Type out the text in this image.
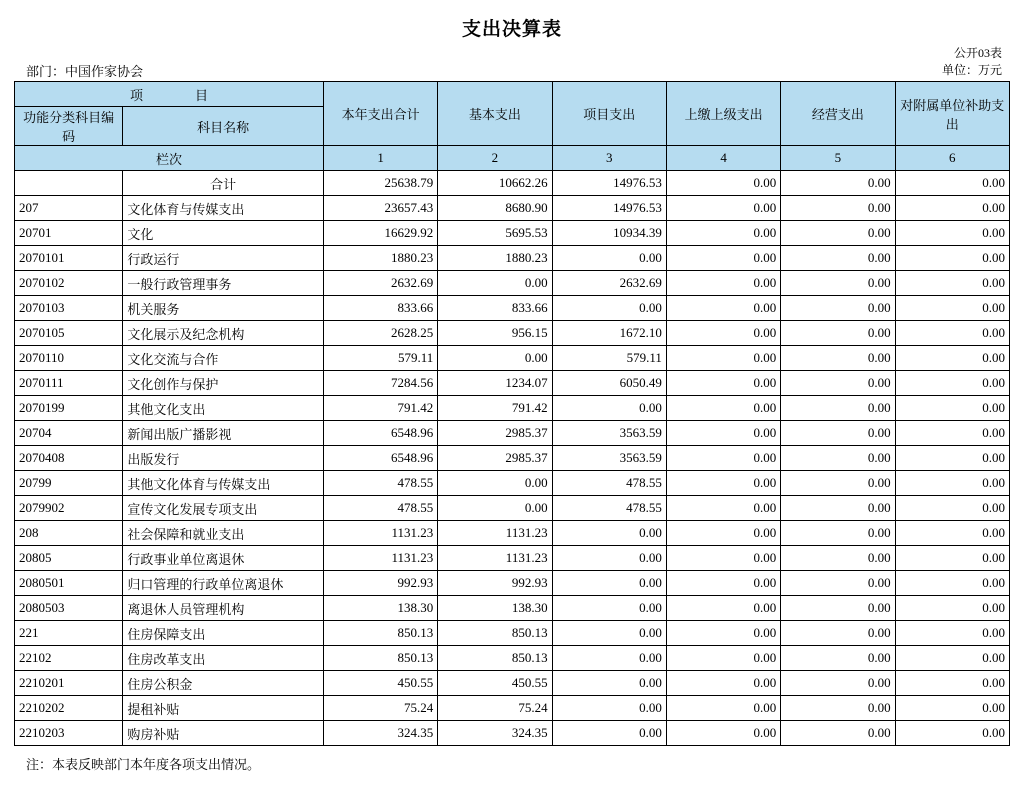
支出决算表
部门：中国作家协会
公开03表
单位：万元
项　　　　目		本年支出合计	基本支出	项目支出	上缴上级支出	经营支出	对附属单位补助支出
功能分类科目编码	科目名称						
栏次		1	2	3	4	5	6
	合计	25638.79	10662.26	14976.53	0.00	0.00	0.00
207	文化体育与传媒支出	23657.43	8680.90	14976.53	0.00	0.00	0.00
20701	文化	16629.92	5695.53	10934.39	0.00	0.00	0.00
2070101	行政运行	1880.23	1880.23	0.00	0.00	0.00	0.00
2070102	一般行政管理事务	2632.69	0.00	2632.69	0.00	0.00	0.00
2070103	机关服务	833.66	833.66	0.00	0.00	0.00	0.00
2070105	文化展示及纪念机构	2628.25	956.15	1672.10	0.00	0.00	0.00
2070110	文化交流与合作	579.11	0.00	579.11	0.00	0.00	0.00
2070111	文化创作与保护	7284.56	1234.07	6050.49	0.00	0.00	0.00
2070199	其他文化支出	791.42	791.42	0.00	0.00	0.00	0.00
20704	新闻出版广播影视	6548.96	2985.37	3563.59	0.00	0.00	0.00
2070408	出版发行	6548.96	2985.37	3563.59	0.00	0.00	0.00
20799	其他文化体育与传媒支出	478.55	0.00	478.55	0.00	0.00	0.00
2079902	宣传文化发展专项支出	478.55	0.00	478.55	0.00	0.00	0.00
208	社会保障和就业支出	1131.23	1131.23	0.00	0.00	0.00	0.00
20805	行政事业单位离退休	1131.23	1131.23	0.00	0.00	0.00	0.00
2080501	归口管理的行政单位离退休	992.93	992.93	0.00	0.00	0.00	0.00
2080503	离退休人员管理机构	138.30	138.30	0.00	0.00	0.00	0.00
221	住房保障支出	850.13	850.13	0.00	0.00	0.00	0.00
22102	住房改革支出	850.13	850.13	0.00	0.00	0.00	0.00
2210201	住房公积金	450.55	450.55	0.00	0.00	0.00	0.00
2210202	提租补贴	75.24	75.24	0.00	0.00	0.00	0.00
2210203	购房补贴	324.35	324.35	0.00	0.00	0.00	0.00
注：本表反映部门本年度各项支出情况。
